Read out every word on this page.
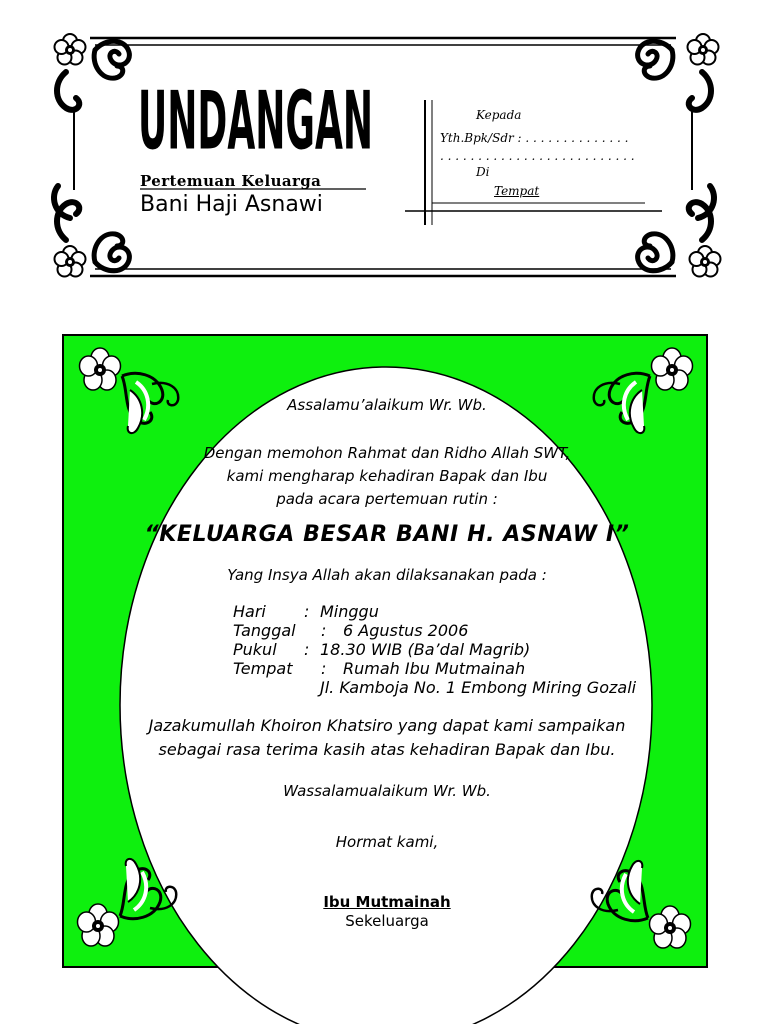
UNDANGAN
Pertemuan Keluarga
Bani Haji Asnawi
Kepada
Yth.Bpk/Sdr : . . . . . . . . . . . . . .
. . . . . . . . . . . . . . . . . . . . . . . . . .
Di
Tempat
Assalamu’alaikum Wr. Wb.
Dengan memohon Rahmat dan Ridho Allah SWT,
kami mengharap kehadiran Bapak dan Ibu
pada acara pertemuan rutin :
“KELUARGA BESAR BANI H. ASNAW I”
Yang Insya Allah akan dilaksanakan pada :
Hari : Minggu
Tanggal : 6 Agustus 2006
Pukul : 18.30 WIB (Ba’dal Magrib)
Tempat : Rumah Ibu Mutmainah
Jl. Kamboja No. 1 Embong Miring Gozali
Jazakumullah Khoiron Khatsiro yang dapat kami sampaikan
sebagai rasa terima kasih atas kehadiran Bapak dan Ibu.
Wassalamualaikum Wr. Wb.
Hormat kami,
Ibu Mutmainah
Sekeluarga
